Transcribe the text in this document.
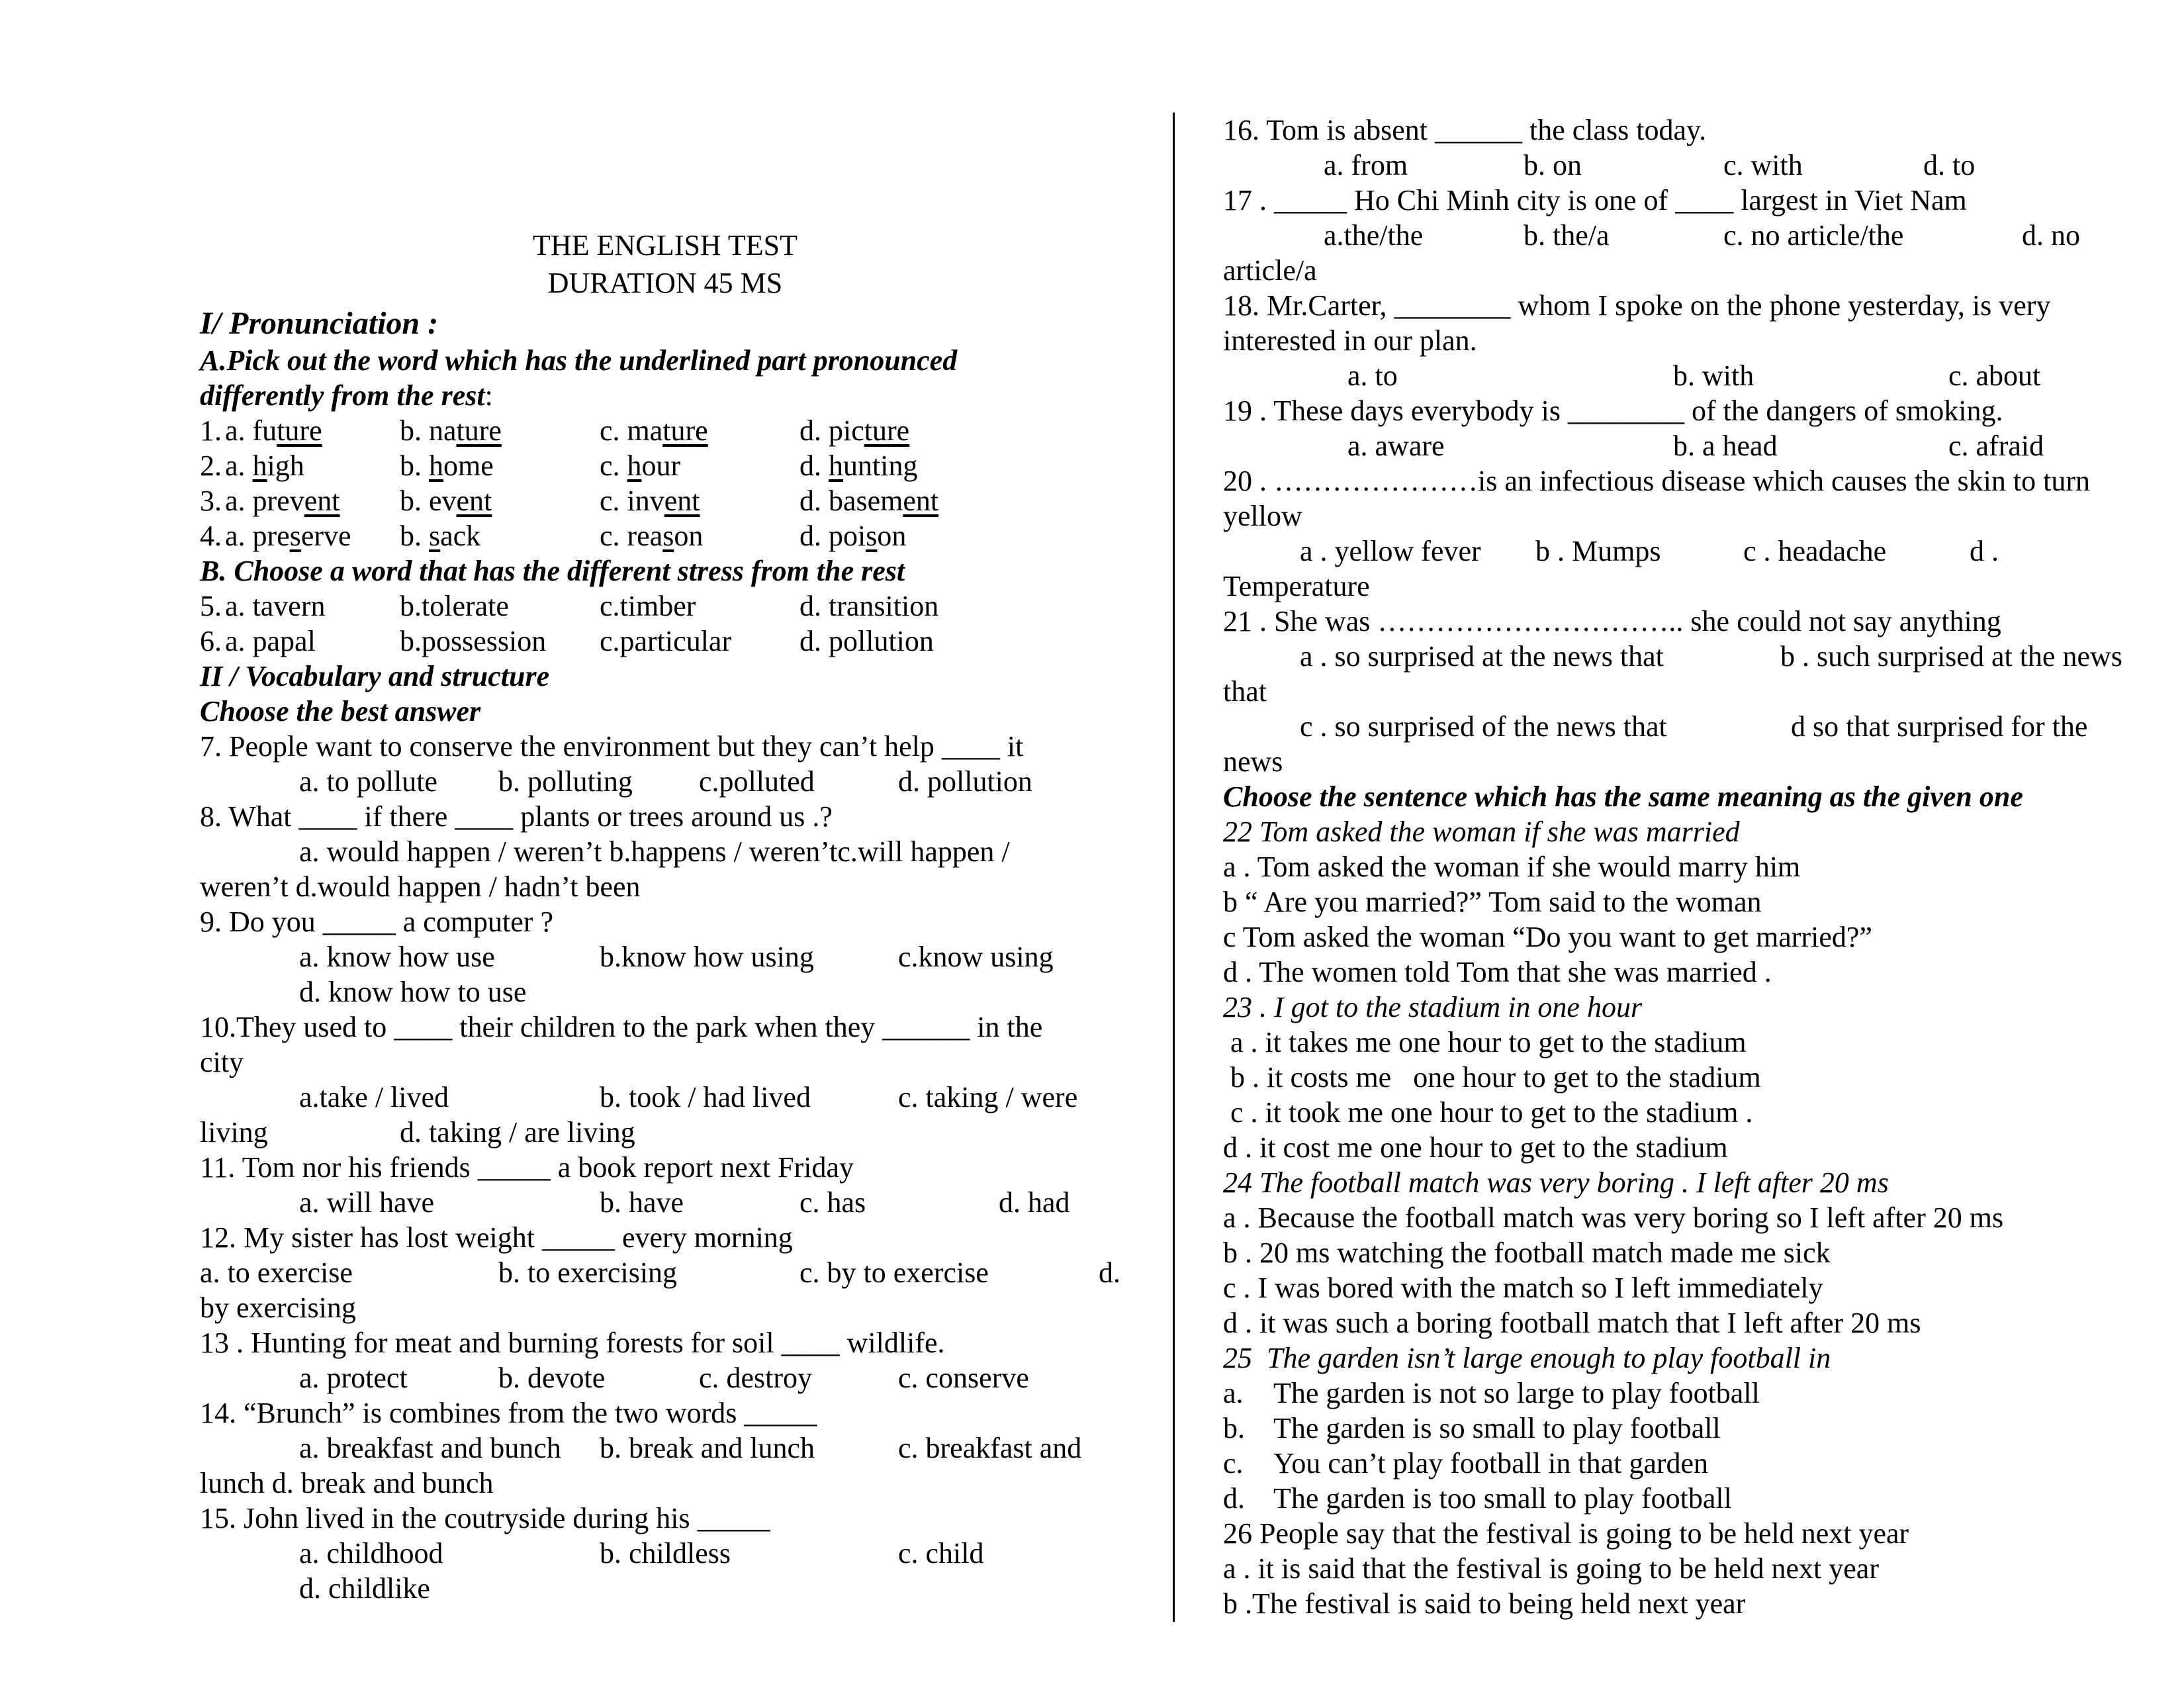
THE ENGLISH TEST
DURATION 45 MS
I/ Pronunciation :
A.Pick out the word which has the underlined part pronounced
differently from the rest:
1. a. future	b. nature	c. mature	d. picture
2. a. high	b. home	c. hour	d. hunting
3. a. prevent b. event	c. invent	d. basement
4. a. preserve b. sack	c. reason	d. poison
B. Choose a word that has the different stress from the rest
5. a. tavern	b.tolerate	c.timber	d. transition
6. a. papal	b.possession c.particular d. pollution
II / Vocabulary and structure
Choose the best answer
7. People want to conserve the environment but they can’t help ____ it
a. to pollute b. polluting c.polluted	d. pollution
8. What ____ if there ____ plants or trees around us .?
a. would happen / weren’t b.happens / weren’tc.will happen /
weren’t d.would happen / hadn’t been
9. Do you _____ a computer ?
a. know how use	b.know how using	c.know using
d. know how to use
10.They used to ____ their children to the park when they ______ in the
city
a.take / lived	b. took / had lived	c. taking / were
living	d. taking / are living
11. Tom nor his friends _____ a book report next Friday
a. will have	b. have	c. has	d. had
12. My sister has lost weight _____ every morning
a. to exercise	b. to exercising	c. by to exercise	d.
by exercising
13 . Hunting for meat and burning forests for soil ____ wildlife.
a. protect	b. devote	c. destroy	c. conserve
14. “Brunch” is combines from the two words _____
a. breakfast and bunch b. break and lunch	c. breakfast and
lunch d. break and bunch
15. John lived in the coutryside during his _____
a. childhood	b. childless	c. child
d. childlike
16. Tom is absent ______ the class today.
a. from	b. on	c. with	d. to
17 . _____ Ho Chi Minh city is one of ____ largest in Viet Nam
a.the/the	b. the/a	c. no article/the	d. no
article/a
18. Mr.Carter, ________ whom I spoke on the phone yesterday, is very
interested in our plan.
a. to	b. with	c. about
19 . These days everybody is ________ of the dangers of smoking.
a. aware	b. a head	c. afraid
20 . …………………is an infectious disease which causes the skin to turn
yellow
a . yellow fever b . Mumps	c . headache	d .
Temperature
21 . She was ………………………….. she could not say anything
a . so surprised at the news that	b . such surprised at the news
that
c . so surprised of the news that	d so that surprised for the
news
Choose the sentence which has the same meaning as the given one
22 Tom asked the woman if she was married
a . Tom asked the woman if she would marry him
b “ Are you married?” Tom said to the woman
c Tom asked the woman “Do you want to get married?”
d . The women told Tom that she was married .
23 . I got to the stadium in one hour
a . it takes me one hour to get to the stadium
b . it costs me   one hour to get to the stadium
c . it took me one hour to get to the stadium .
d . it cost me one hour to get to the stadium
24 The football match was very boring . I left after 20 ms
a . Because the football match was very boring so I left after 20 ms
b . 20 ms watching the football match made me sick
c . I was bored with the match so I left immediately
d . it was such a boring football match that I left after 20 ms
25  The garden isn’t large enough to play football in
a. The garden is not so large to play football
b. The garden is so small to play football
c. You can’t play football in that garden
d. The garden is too small to play football
26 People say that the festival is going to be held next year
a . it is said that the festival is going to be held next year
b .The festival is said to being held next year
